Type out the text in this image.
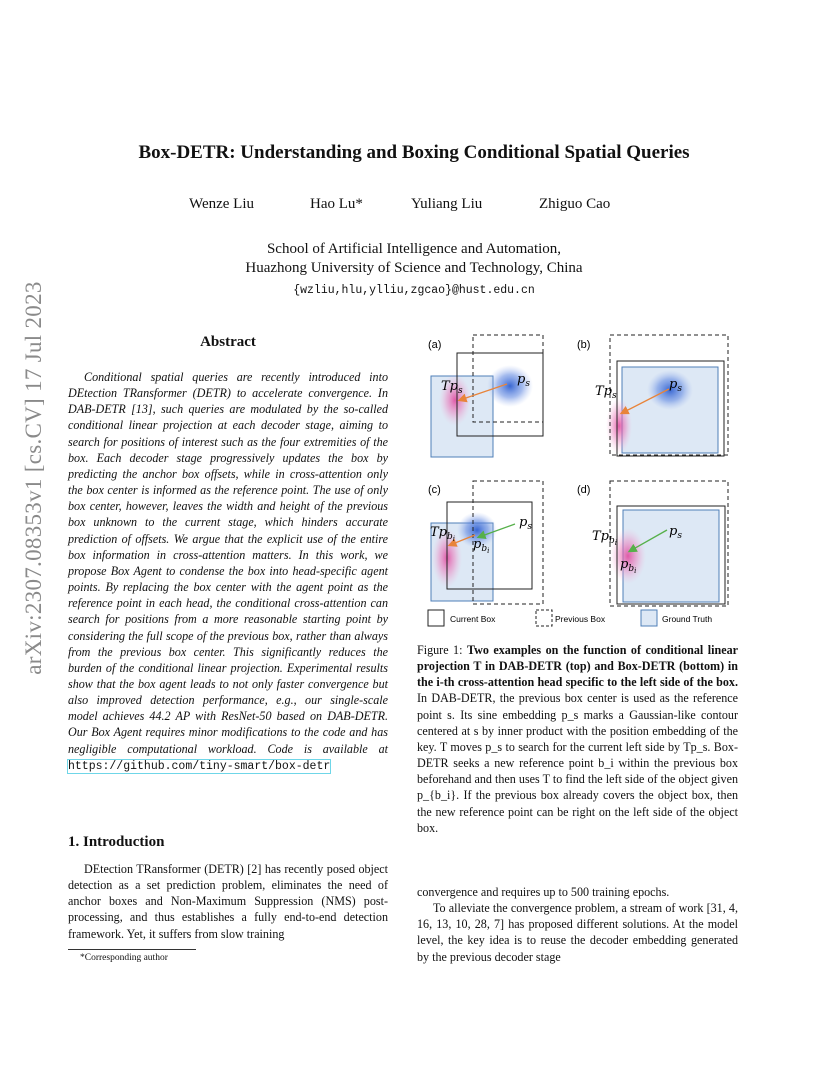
Box-DETR: Understanding and Boxing Conditional Spatial Queries
Wenze Liu	Hao Lu*	Yuliang Liu	Zhiguo Cao
School of Artificial Intelligence and Automation,
Huazhong University of Science and Technology, China
{wzliu,hlu,ylliu,zgcao}@hust.edu.cn
arXiv:2307.08353v1 [cs.CV] 17 Jul 2023	Abstract

Conditional spatial queries are recently introduced into DEtection TRansformer (DETR) to accelerate convergence. In DAB-DETR [13], such queries are modulated by the so-called conditional linear projection at each decoder stage, aiming to search for positions of interest such as the four extremities of the box. Each decoder stage progressively updates the box by predicting the anchor box offsets, while in cross-attention only the box center is informed as the reference point. The use of only box center, however, leaves the width and height of the previous box unknown to the current stage, which hinders accurate prediction of offsets. We argue that the explicit use of the entire box information in cross-attention matters. In this work, we propose Box Agent to condense the box into head-specific agent points. By replacing the box center with the agent point as the reference point in each head, the conditional cross-attention can search for positions from a more reasonable starting point by considering the full scope of the previous box, rather than always from the previous box center. This significantly reduces the burden of the conditional linear projection. Experimental results show that the box agent leads to not only faster convergence but also improved detection performance, e.g., our single-scale model achieves 44.2 AP with ResNet-50 based on DAB-DETR. Our Box Agent requires minor modifications to the code and has negligible computational workload. Code is available at https://github.com/tiny-smart/box-detr

1. Introduction

DEtection TRansformer (DETR) [2] has recently posed object detection as a set prediction problem, eliminates the need of anchor boxes and Non-Maximum Suppression (NMS) post-processing, and thus establishes a fully end-to-end detection framework. Yet, it suffers from slow training

*Corresponding author
(a)
$Tp_s$
$p_s$
(b)
$Tp_s$
$p_s$
(c)
$Tp_bi$ $p_bi$
$p_s$
(d)
$Tp_bi$
$p_bi$
$p_s$
Current Box	Previous Box	Ground Truth
Figure 1: Two examples on the function of conditional linear projection T in DAB-DETR (top) and Box-DETR (bottom) in the i-th cross-attention head specific to the left side of the box. In DAB-DETR, the previous box center is used as the reference point s. Its sine embedding p_s marks a Gaussian-like contour centered at s by inner product with the position embedding of the key. T moves p_s to search for the current left side by Tp_s. Box-DETR seeks a new reference point b_i within the previous box beforehand and then uses T to find the left side of the object given p_{b_i}. If the previous box already covers the object box, then the new reference point can be right on the left side of the object box.

convergence and requires up to 500 training epochs.

To alleviate the convergence problem, a stream of work [31, 4, 16, 13, 10, 28, 7] has proposed different solutions. At the model level, the key idea is to reuse the decoder embedding generated by the previous decoder stage
